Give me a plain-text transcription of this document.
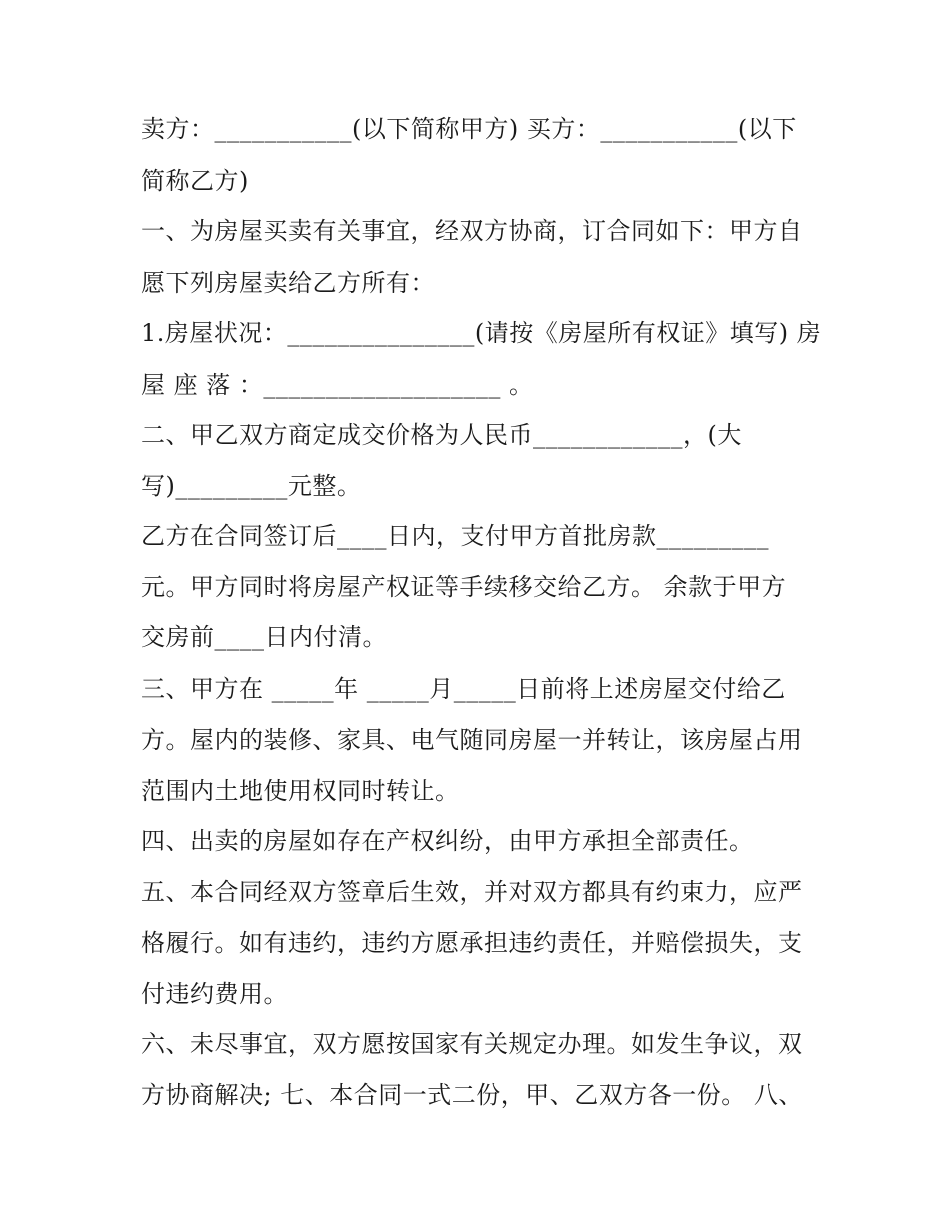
卖方：___________(以下简称甲方) 买方：___________(以下
简称乙方)
一、为房屋买卖有关事宜，经双方协商，订合同如下：甲方自
愿下列房屋卖给乙方所有：
1.房屋状况：_______________(请按《房屋所有权证》填写) 房
屋 座 落 ：___________________ 。
二、甲乙双方商定成交价格为人民币____________，(大
写)_________元整。
乙方在合同签订后____日内，支付甲方首批房款_________
元。甲方同时将房屋产权证等手续移交给乙方。 余款于甲方
交房前____日内付清。
三、甲方在 _____年 _____月_____日前将上述房屋交付给乙
方。屋内的装修、家具、电气随同房屋一并转让，该房屋占用
范围内土地使用权同时转让。
四、出卖的房屋如存在产权纠纷，由甲方承担全部责任。
五、本合同经双方签章后生效，并对双方都具有约束力，应严
格履行。如有违约，违约方愿承担违约责任，并赔偿损失，支
付违约费用。
六、未尽事宜，双方愿按国家有关规定办理。如发生争议，双
方协商解决; 七、本合同一式二份，甲、乙双方各一份。 八、
